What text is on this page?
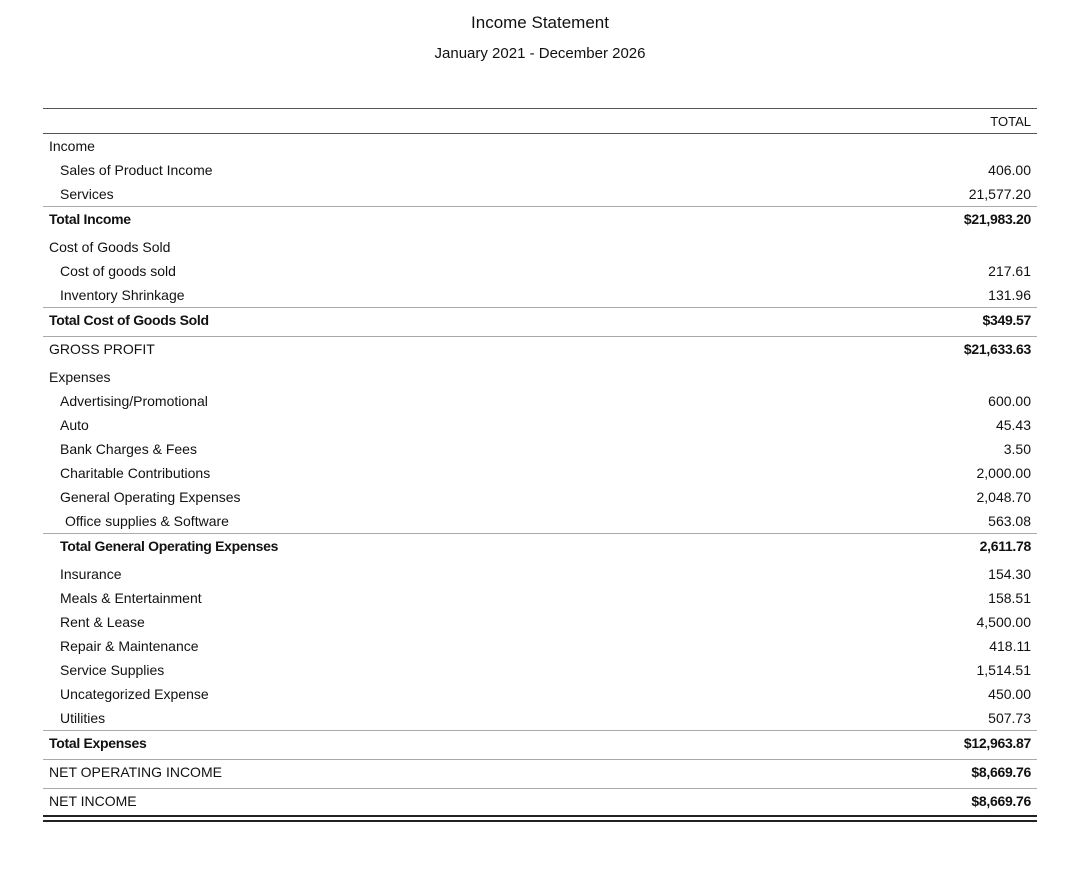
Income Statement
January 2021 - December 2026
TOTAL
Income
Sales of Product Income	406.00
Services	21,577.20
Total Income	$21,983.20
Cost of Goods Sold
Cost of goods sold	217.61
Inventory Shrinkage	131.96
Total Cost of Goods Sold	$349.57
GROSS PROFIT	$21,633.63
Expenses
Advertising/Promotional	600.00
Auto	45.43
Bank Charges & Fees	3.50
Charitable Contributions	2,000.00
General Operating Expenses	2,048.70
Office supplies & Software	563.08
Total General Operating Expenses	2,611.78
Insurance	154.30
Meals & Entertainment	158.51
Rent & Lease	4,500.00
Repair & Maintenance	418.11
Service Supplies	1,514.51
Uncategorized Expense	450.00
Utilities	507.73
Total Expenses	$12,963.87
NET OPERATING INCOME	$8,669.76
NET INCOME	$8,669.76
